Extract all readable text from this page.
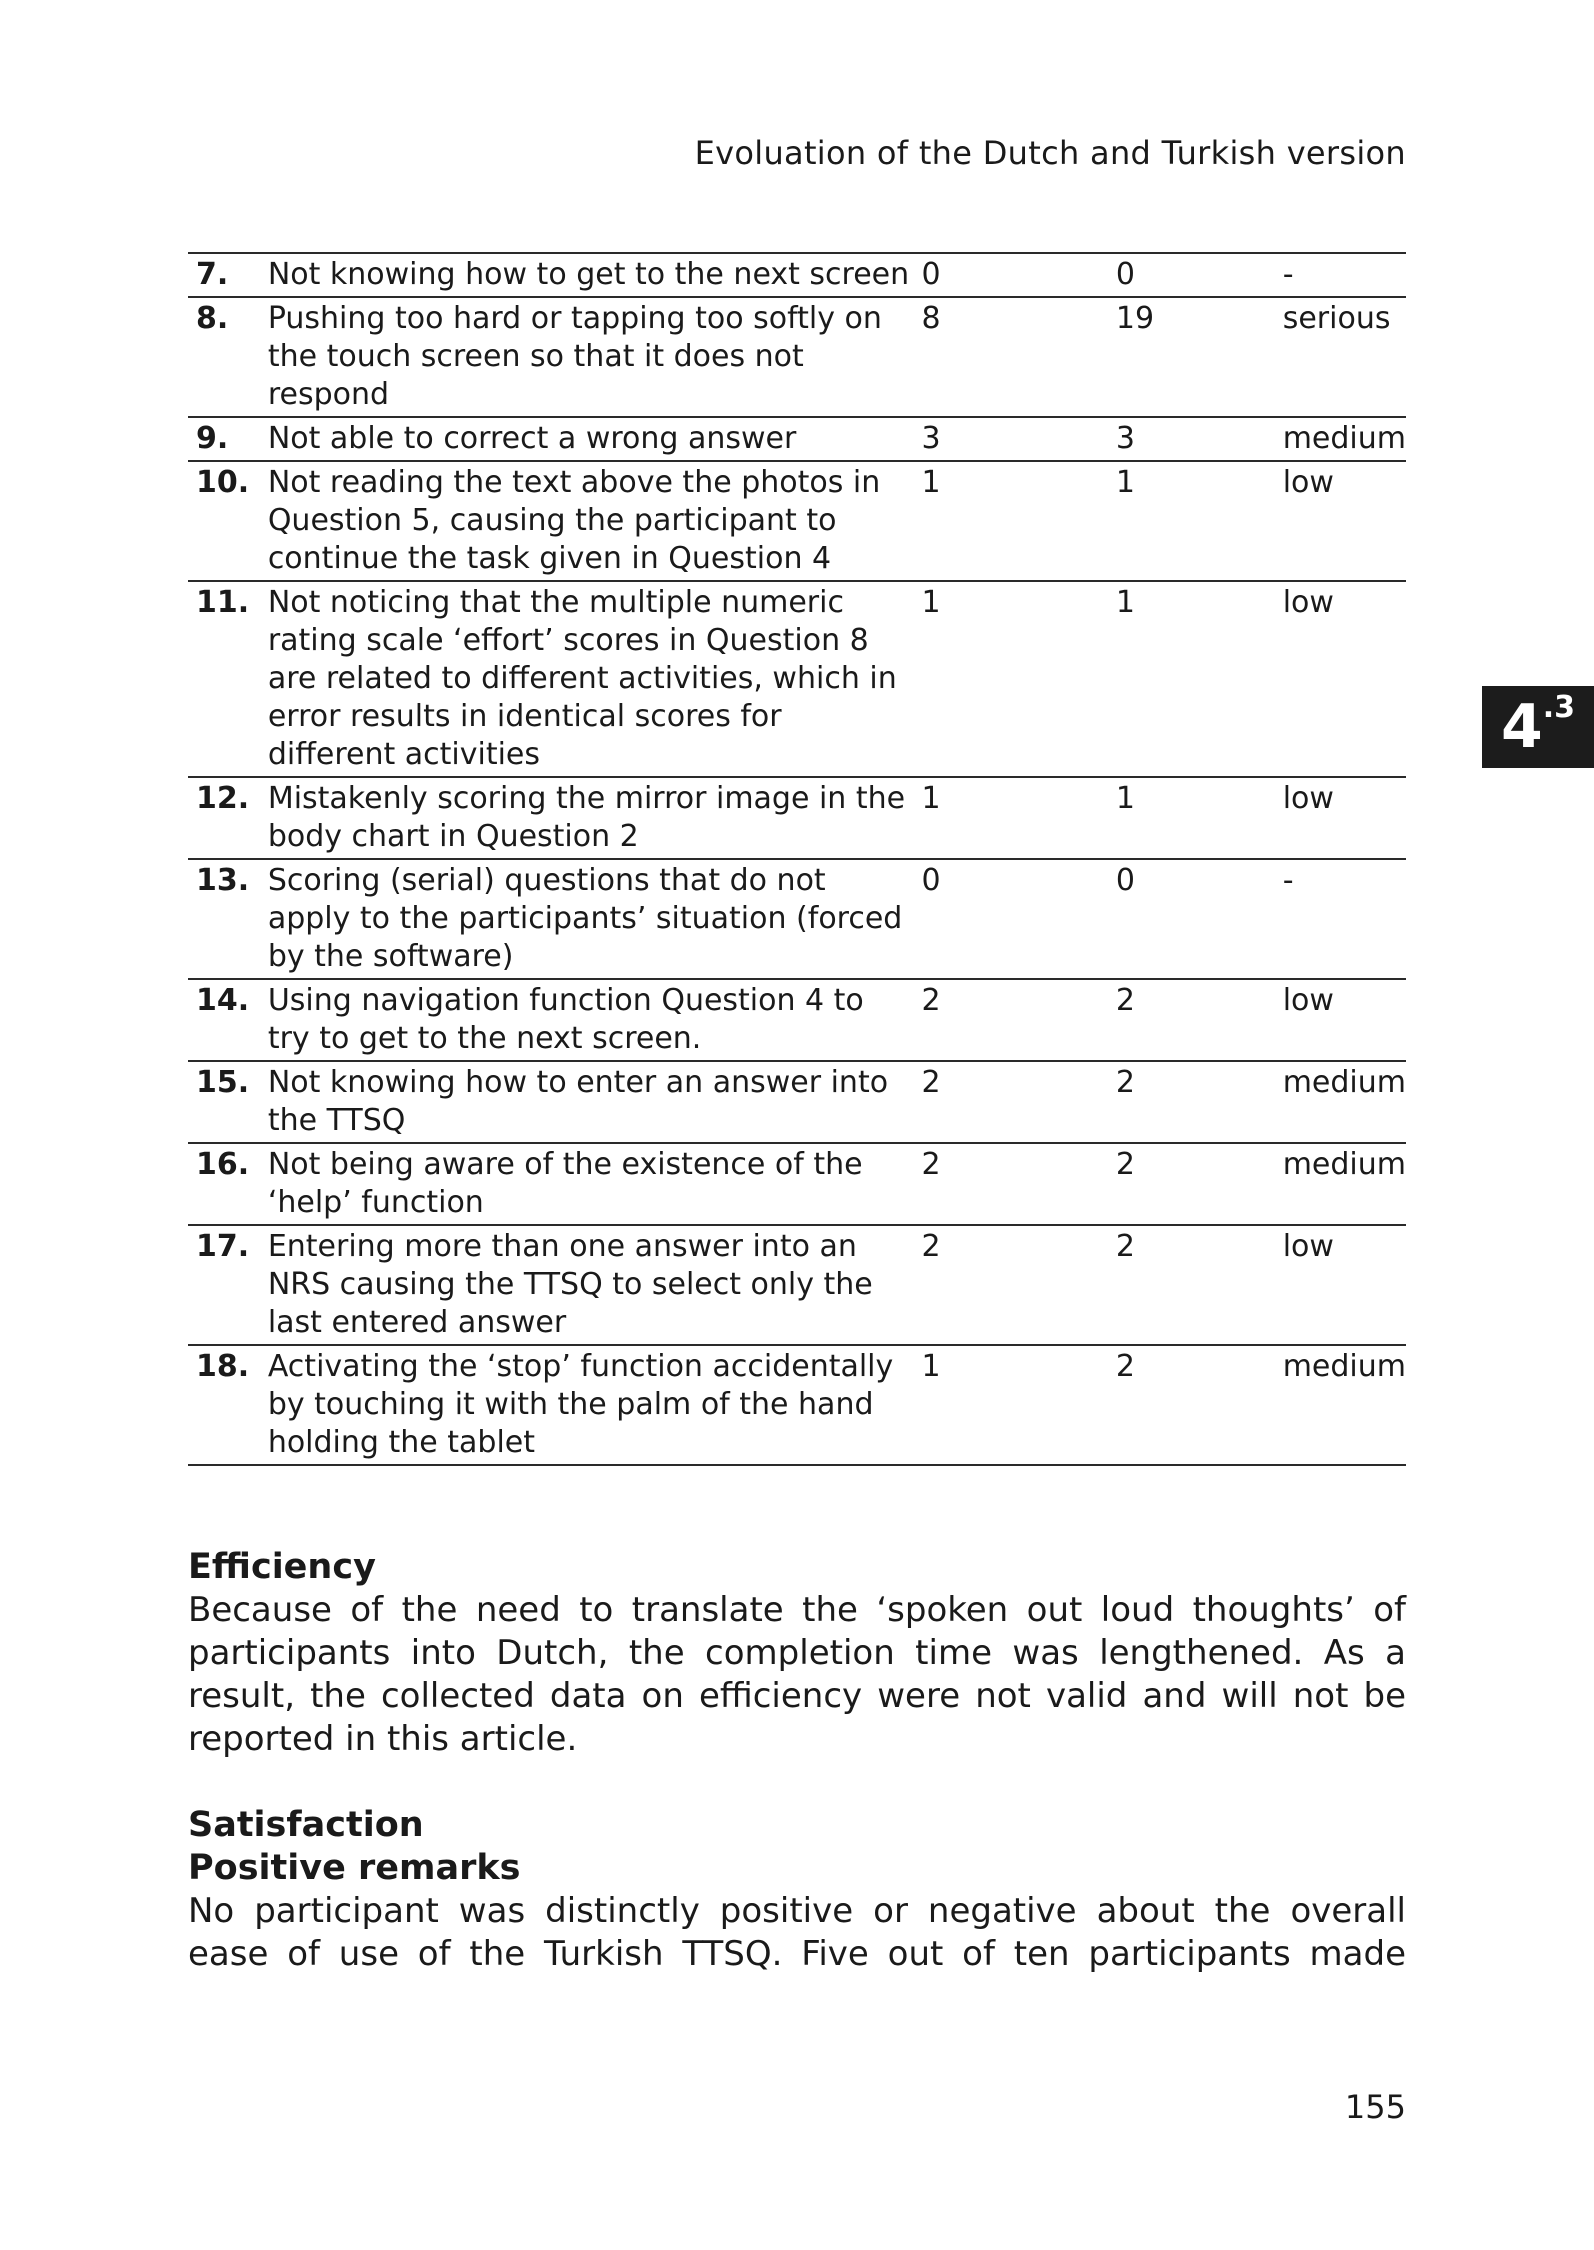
Evoluation of the Dutch and Turkish version
4 .3
7.	Not knowing how to get to the next screen	0	0	-
8.	Pushing too hard or tapping too softly on the touch screen so that it does not respond	8	19	serious
9.	Not able to correct a wrong answer	3	3	medium
10.	Not reading the text above the photos in Question 5, causing the participant to continue the task given in Question 4	1	1	low
11.	Not noticing that the multiple numeric rating scale ‘effort’ scores in Question 8 are related to different activities, which in error results in identical scores for different activities	1	1	low
12.	Mistakenly scoring the mirror image in the body chart in Question 2	1	1	low
13.	Scoring (serial) questions that do not apply to the participants’ situation (forced by the software)	0	0	-
14.	Using navigation function Question 4 to try to get to the next screen.	2	2	low
15.	Not knowing how to enter an answer into the TTSQ	2	2	medium
16.	Not being aware of the existence of the ‘help’ function	2	2	medium
17.	Entering more than one answer into an NRS causing the TTSQ to select only the last entered answer	2	2	low
18.	Activating the ‘stop’ function accidentally by touching it with the palm of the hand holding the tablet	1	2	medium
Efficiency

Because of the need to translate the ‘spoken out loud thoughts’ of participants into Dutch, the completion time was lengthened. As a result, the collected data on efficiency were not valid and will not be reported in this article.

Satisfaction
Positive remarks

No participant was distinctly positive or negative about the overall ease of use of the Turkish TTSQ. Five out of ten participants made

155
